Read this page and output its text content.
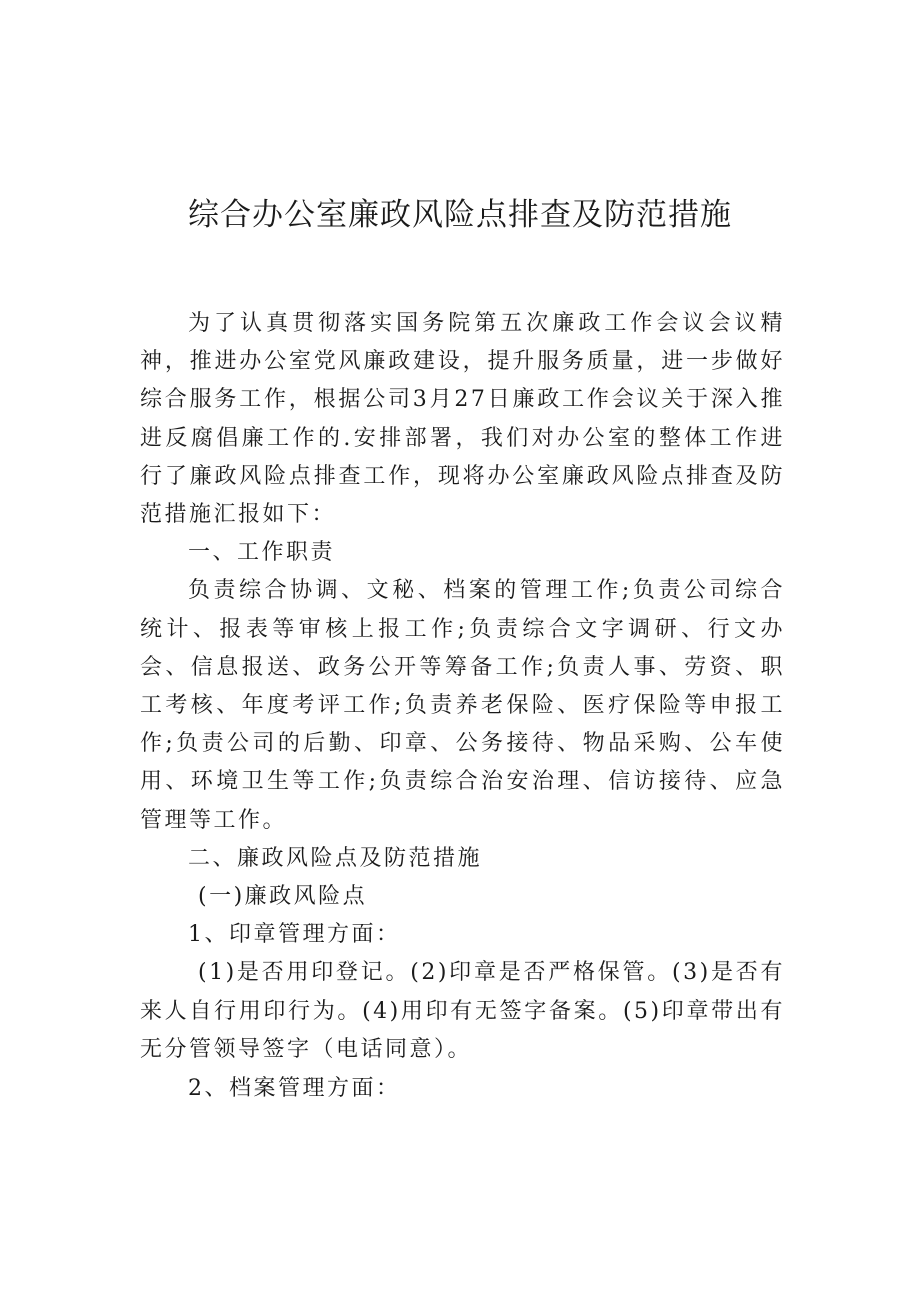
综合办公室廉政风险点排查及防范措施

为了认真贯彻落实国务院第五次廉政工作会议会议精神，推进办公室党风廉政建设，提升服务质量，进一步做好综合服务工作，根据公司3月27日廉政工作会议关于深入推进反腐倡廉工作的.安排部署，我们对办公室的整体工作进行了廉政风险点排查工作，现将办公室廉政风险点排查及防范措施汇报如下：

一、工作职责

负责综合协调、文秘、档案的管理工作;负责公司综合统计、报表等审核上报工作;负责综合文字调研、行文办会、信息报送、政务公开等筹备工作;负责人事、劳资、职工考核、年度考评工作;负责养老保险、医疗保险等申报工作;负责公司的后勤、印章、公务接待、物品采购、公车使用、环境卫生等工作;负责综合治安治理、信访接待、应急管理等工作。

二、廉政风险点及防范措施

(一)廉政风险点

1、印章管理方面：

(1)是否用印登记。(2)印章是否严格保管。(3)是否有来人自行用印行为。(4)用印有无签字备案。(5)印章带出有无分管领导签字（电话同意）。

2、档案管理方面：
